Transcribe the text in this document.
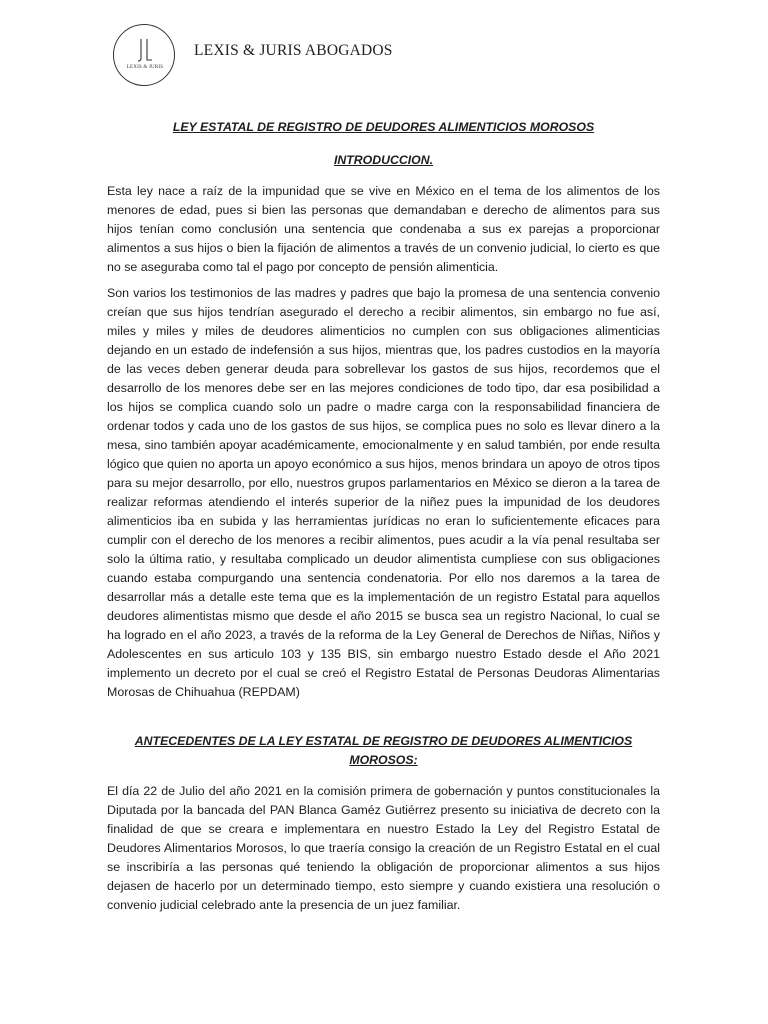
LEXIS & JURIS
LEXIS & JURIS ABOGADOS

LEY ESTATAL DE REGISTRO DE DEUDORES ALIMENTICIOS MOROSOS

INTRODUCCION.

Esta ley nace a raíz de la impunidad que se vive en México en el tema de los alimentos de los menores de edad, pues si bien las personas que demandaban e derecho de alimentos para sus hijos tenían como conclusión una sentencia que condenaba a sus ex parejas a proporcionar alimentos a sus hijos o bien la fijación de alimentos a través de un convenio judicial, lo cierto es que no se aseguraba como tal el pago por concepto de pensión alimenticia.

Son varios los testimonios de las madres y padres que bajo la promesa de una sentencia convenio creían que sus hijos tendrían asegurado el derecho a recibir alimentos, sin embargo no fue así, miles y miles y miles de deudores alimenticios no cumplen con sus obligaciones alimenticias dejando en un estado de indefensión a sus hijos, mientras que, los padres custodios en la mayoría de las veces deben generar deuda para sobrellevar los gastos de sus hijos, recordemos que el desarrollo de los menores debe ser en las mejores condiciones de todo tipo, dar esa posibilidad a los hijos se complica cuando solo un padre o madre carga con la responsabilidad financiera de ordenar todos y cada uno de los gastos de sus hijos, se complica pues no solo es llevar dinero a la mesa, sino también apoyar académicamente, emocionalmente y en salud también, por ende resulta lógico que quien no aporta un apoyo económico a sus hijos, menos brindara un apoyo de otros tipos para su mejor desarrollo, por ello, nuestros grupos parlamentarios en México se dieron a la tarea de realizar reformas atendiendo el interés superior de la niñez pues la impunidad de los deudores alimenticios iba en subida y las herramientas jurídicas no eran lo suficientemente eficaces para cumplir con el derecho de los menores a recibir alimentos, pues acudir a la vía penal resultaba ser solo la última ratio, y resultaba complicado un deudor alimentista cumpliese con sus obligaciones cuando estaba compurgando una sentencia condenatoria. Por ello nos daremos a la tarea de desarrollar más a detalle este tema que es la implementación de un registro Estatal para aquellos deudores alimentistas mismo que desde el año 2015 se busca sea un registro Nacional, lo cual se ha logrado en el año 2023, a través de la reforma de la Ley General de Derechos de Niñas, Niños y Adolescentes en sus articulo 103 y 135 BIS, sin embargo nuestro Estado desde el Año 2021 implemento un decreto por el cual se creó el Registro Estatal de Personas Deudoras Alimentarias Morosas de Chihuahua (REPDAM)

ANTECEDENTES DE LA LEY ESTATAL DE REGISTRO DE DEUDORES ALIMENTICIOS MOROSOS:

El día 22 de Julio del año 2021 en la comisión primera de gobernación y puntos constitucionales la Diputada por la bancada del PAN Blanca Gaméz Gutiérrez presento su iniciativa de decreto con la finalidad de que se creara e implementara en nuestro Estado la Ley del Registro Estatal de Deudores Alimentarios Morosos, lo que traería consigo la creación de un Registro Estatal en el cual se inscribiría a las personas qué teniendo la obligación de proporcionar alimentos a sus hijos dejasen de hacerlo por un determinado tiempo, esto siempre y cuando existiera una resolución o convenio judicial celebrado ante la presencia de un juez familiar.
